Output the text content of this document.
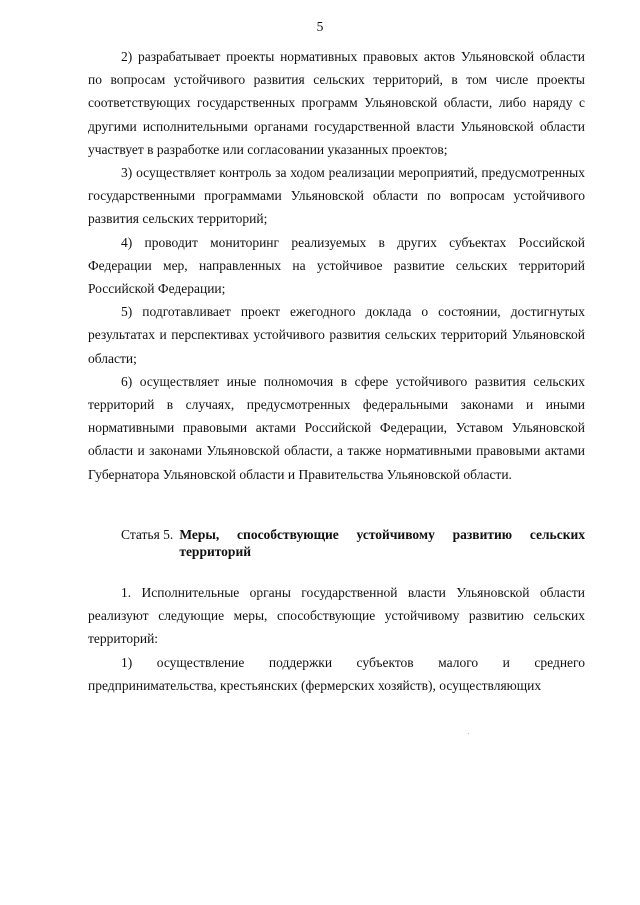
5

2) разрабатывает проекты нормативных правовых актов Ульяновской области по вопросам устойчивого развития сельских территорий, в том числе проекты соответствующих государственных программ Ульяновской области, либо наряду с другими исполнительными органами государственной власти Ульяновской области участвует в разработке или согласовании указанных проектов;

3) осуществляет контроль за ходом реализации мероприятий, предусмотренных государственными программами Ульяновской области по вопросам устойчивого развития сельских территорий;

4) проводит мониторинг реализуемых в других субъектах Российской Федерации мер, направленных на устойчивое развитие сельских территорий Российской Федерации;

5) подготавливает проект ежегодного доклада о состоянии, достигнутых результатах и перспективах устойчивого развития сельских территорий Ульяновской области;

6) осуществляет иные полномочия в сфере устойчивого развития сельских территорий в случаях, предусмотренных федеральными законами и иными нормативными правовыми актами Российской Федерации, Уставом Ульяновской области и законами Ульяновской области, а также нормативными правовыми актами Губернатора Ульяновской области и Правительства Ульяновской области.

Статья 5. Меры, способствующие устойчивому развитию сельских территорий

1. Исполнительные органы государственной власти Ульяновской области реализуют следующие меры, способствующие устойчивому развитию сельских территорий:

1) осуществление поддержки субъектов малого и среднего предпринимательства, крестьянских (фермерских хозяйств), осуществляющих
